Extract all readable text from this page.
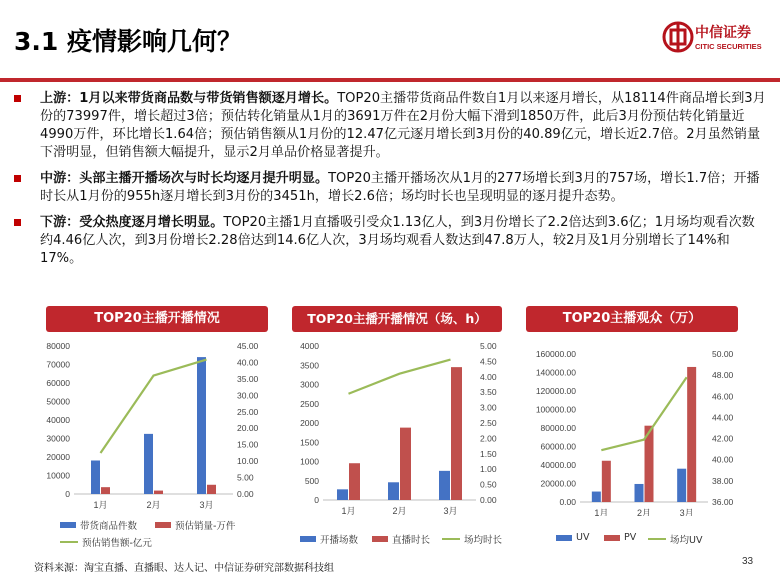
3.1 疫情影响几何？	中信证券
CITIC SECURITIES
上游：1月以来带货商品数与带货销售额逐月增长。TOP20主播带货商品件数自1月以来逐月增长，从18114件商品增长到3月份的73997件，增长超过3倍；预估转化销量从1月的3691万件在2月份大幅下滑到1850万件，此后3月份预估转化销量近4990万件，环比增长1.64倍；预估销售额从1月份的12.47亿元逐月增长到3月份的40.89亿元，增长近2.7倍。2月虽然销量下滑明显，但销售额大幅提升，显示2月单品价格显著提升。
中游：头部主播开播场次与时长均逐月提升明显。TOP20主播开播场次从1月的277场增长到3月的757场，增长1.7倍；开播时长从1月份的955h逐月增长到3月份的3451h，增长2.6倍；场均时长也呈现明显的逐月提升态势。
下游：受众热度逐月增长明显。TOP20主播1月直播吸引受众1.13亿人，到3月份增长了2.2倍达到3.6亿；1月场均观看次数约4.46亿人次，到3月份增长2.28倍达到14.6亿人次，3月场均观看人数达到47.8万人，较2月及1月分别增长了14%和17%。
TOP20主播开播情况
0
10000
20000
30000
40000
50000
60000
70000
80000
0.00
5.00
10.00
15.00
20.00
25.00
30.00
35.00
40.00
45.00
1月	2月	3月
带货商品件数	预估销量-万件
预估销售额-亿元
TOP20主播开播情况（场、h）
0
500
1000
1500
2000
2500
3000
3500
4000
0.00
0.50
1.00
1.50
2.00
2.50
3.00
3.50
4.00
4.50
5.00
1月	2月	3月
开播场数	直播时长	场均时长
TOP20主播观众（万）
0.00
20000.00
40000.00
60000.00
80000.00
100000.00
120000.00
140000.00
160000.00
36.00
38.00
40.00
42.00
44.00
46.00
48.00
50.00
1月	2月	3月
UV	PV	场均UV
资料来源：淘宝直播、直播眼、达人记、中信证券研究部数据科技组
33
